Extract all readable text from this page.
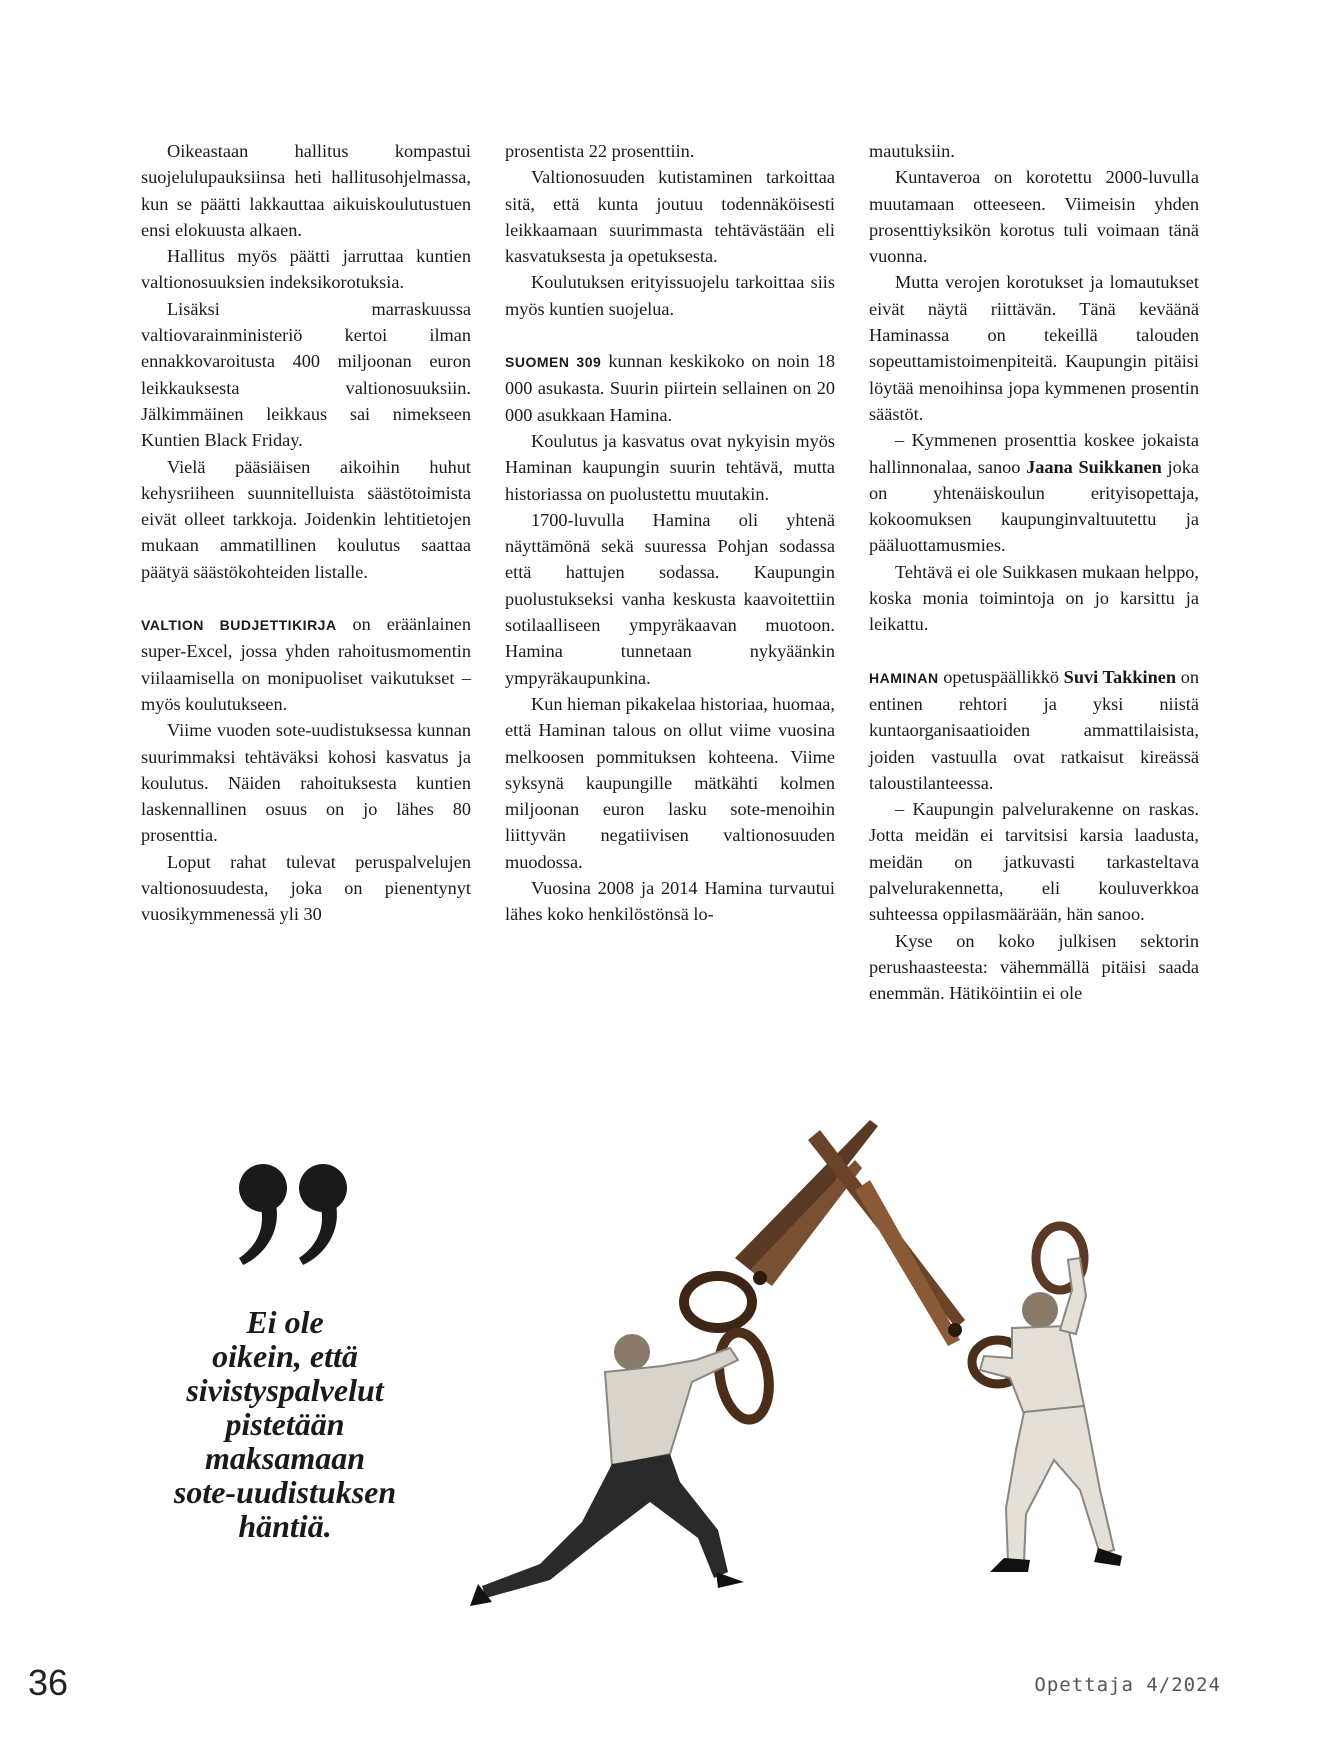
Oikeastaan hallitus kompastui suojelulupauksiinsa heti hallitusohjelmassa, kun se päätti lakkauttaa aikuiskoulutustuen ensi elokuusta alkaen.

Hallitus myös päätti jarruttaa kuntien valtionosuuksien indeksikorotuksia.

Lisäksi marraskuussa valtiovarainministeriö kertoi ilman ennakkovaroitusta 400 miljoonan euron leikkauksesta valtionosuuksiin. Jälkimmäinen leikkaus sai nimekseen Kuntien Black Friday.

Vielä pääsiäisen aikoihin huhut kehysriiheen suunnitelluista säästötoimista eivät olleet tarkkoja. Joidenkin lehtitietojen mukaan ammatillinen koulutus saattaa päätyä säästökohteiden listalle.

VALTION BUDJETTIKIRJA on eräänlainen super-Excel, jossa yhden rahoitusmomentin viilaamisella on monipuoliset vaikutukset – myös koulutukseen.

Viime vuoden sote-uudistuksessa kunnan suurimmaksi tehtäväksi kohosi kasvatus ja koulutus. Näiden rahoituksesta kuntien laskennallinen osuus on jo lähes 80 prosenttia.

Loput rahat tulevat peruspalvelujen valtionosuudesta, joka on pienentynyt vuosikymmenessä yli 30

prosentista 22 prosenttiin.

Valtionosuuden kutistaminen tarkoittaa sitä, että kunta joutuu todennäköisesti leikkaamaan suurimmasta tehtävästään eli kasvatuksesta ja opetuksesta.

Koulutuksen erityissuojelu tarkoittaa siis myös kuntien suojelua.

SUOMEN 309 kunnan keskikoko on noin 18 000 asukasta. Suurin piirtein sellainen on 20 000 asukkaan Hamina.

Koulutus ja kasvatus ovat nykyisin myös Haminan kaupungin suurin tehtävä, mutta historiassa on puolustettu muutakin.

1700-luvulla Hamina oli yhtenä näyttämönä sekä suuressa Pohjan sodassa että hattujen sodassa. Kaupungin puolustukseksi vanha keskusta kaavoitettiin sotilaalliseen ympyräkaavan muotoon. Hamina tunnetaan nykyäänkin ympyräkaupunkina.

Kun hieman pikakelaa historiaa, huomaa, että Haminan talous on ollut viime vuosina melkoosen pommituksen kohteena. Viime syksynä kaupungille mätkähti kolmen miljoonan euron lasku sote-menoihin liittyvän negatiivisen valtionosuuden muodossa.

Vuosina 2008 ja 2014 Hamina turvautui lähes koko henkilöstönsä lo-

mautuksiin.

Kuntaveroa on korotettu 2000-luvulla muutamaan otteeseen. Viimeisin yhden prosenttiyksikön korotus tuli voimaan tänä vuonna.

Mutta verojen korotukset ja lomautukset eivät näytä riittävän. Tänä keväänä Haminassa on tekeillä talouden sopeuttamistoimenpiteitä. Kaupungin pitäisi löytää menoihinsa jopa kymmenen prosentin säästöt.

– Kymmenen prosenttia koskee jokaista hallinnonalaa, sanoo Jaana Suikkanen joka on yhtenäiskoulun erityisopettaja, kokoomuksen kaupunginvaltuutettu ja pääluottamusmies.

Tehtävä ei ole Suikkasen mukaan helppo, koska monia toimintoja on jo karsittu ja leikattu.

HAMINAN opetuspäällikkö Suvi Takkinen on entinen rehtori ja yksi niistä kuntaorganisaatioiden ammattilaisista, joiden vastuulla ovat ratkaisut kireässä taloustilanteessa.

– Kaupungin palvelurakenne on raskas. Jotta meidän ei tarvitsisi karsia laadusta, meidän on jatkuvasti tarkasteltava palvelurakennetta, eli kouluverkkoa suhteessa oppilasmäärään, hän sanoo.

Kyse on koko julkisen sektorin perushaasteesta: vähemmällä pitäisi saada enemmän. Hätiköintiin ei ole

Ei ole
oikein, että
sivistyspalvelut
pistetään
maksamaan
sote-uudistuksen
häntiä.
36	Opettaja 4/2024
